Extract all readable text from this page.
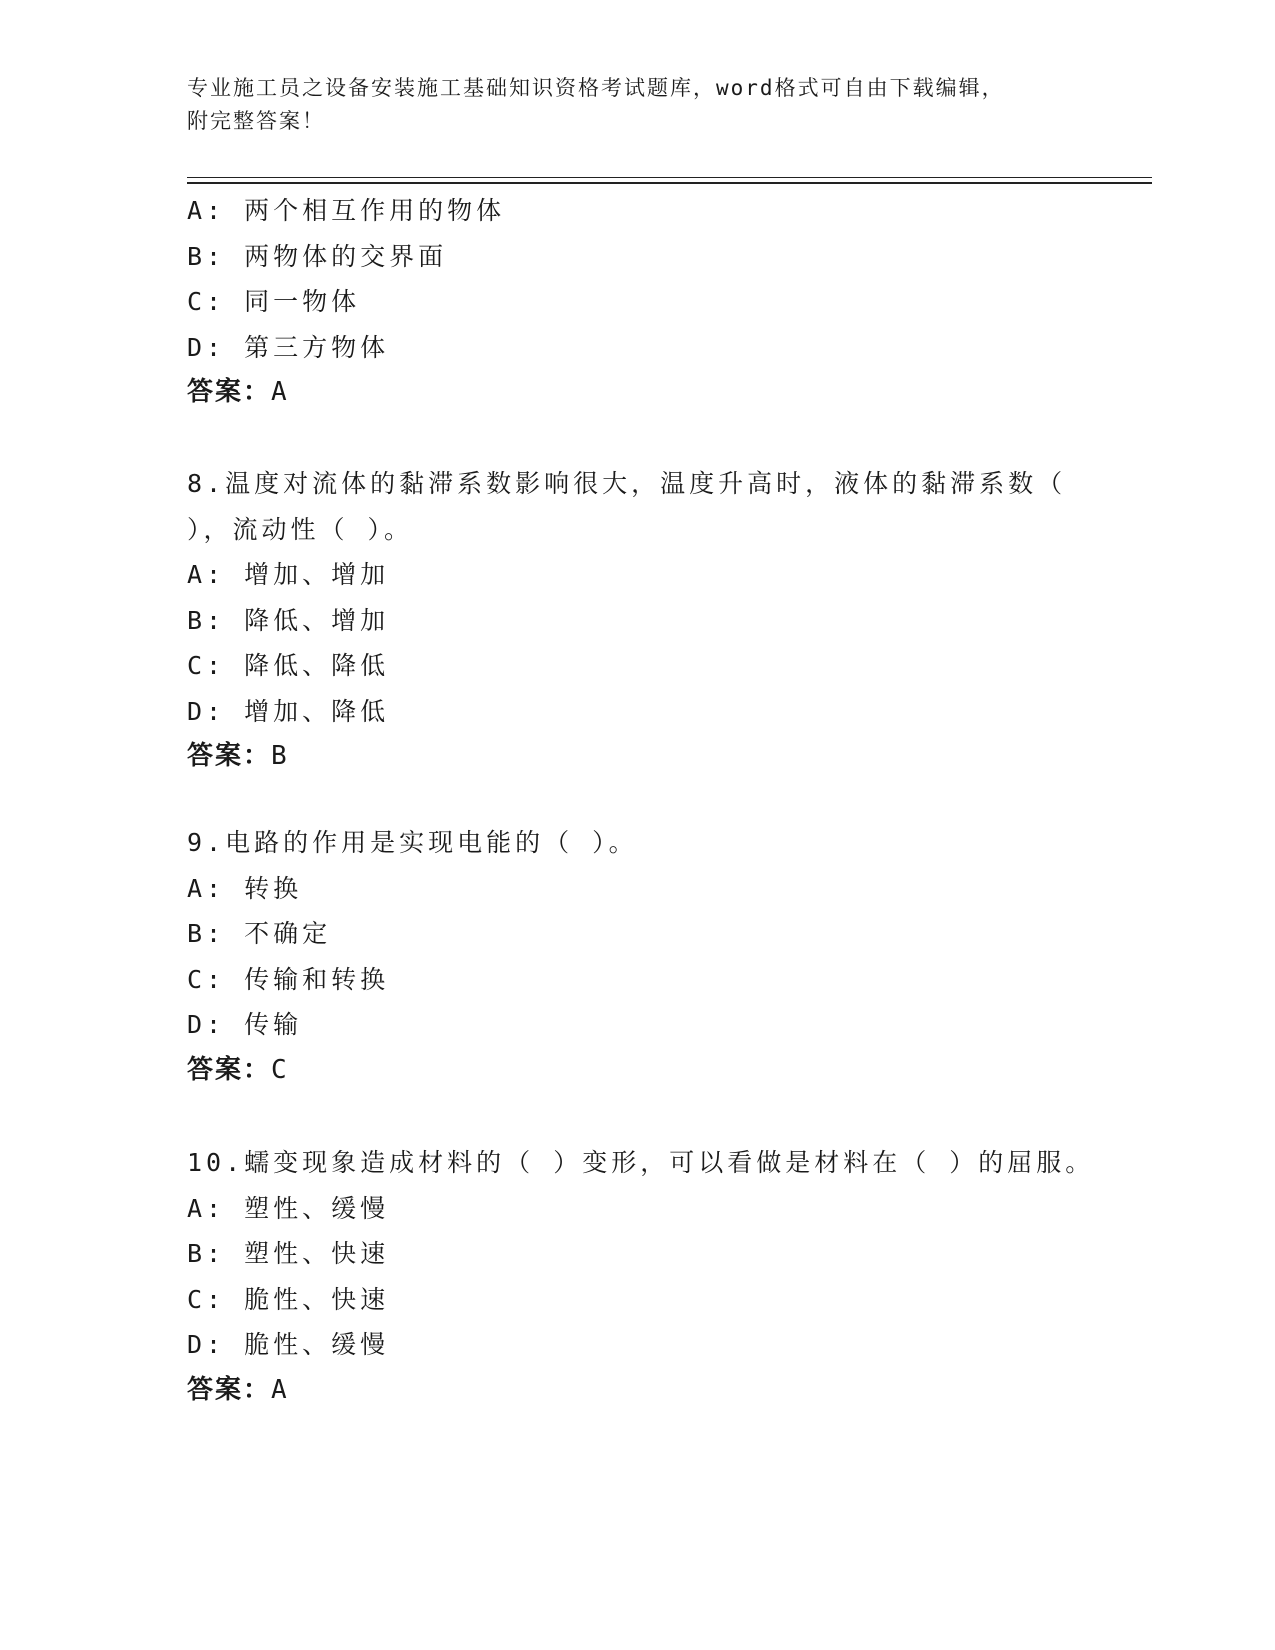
专业施工员之设备安装施工基础知识资格考试题库，word格式可自由下载编辑，
附完整答案！
A: 两个相互作用的物体
B: 两物体的交界面
C: 同一物体
D: 第三方物体
答案：A
8.温度对流体的黏滞系数影响很大，温度升高时，液体的黏滞系数（
），流动性（ ）。
A: 增加、增加
B: 降低、增加
C: 降低、降低
D: 增加、降低
答案：B
9.电路的作用是实现电能的（ ）。
A: 转换
B: 不确定
C: 传输和转换
D: 传输
答案：C
10.蠕变现象造成材料的（ ）变形，可以看做是材料在（ ）的屈服。
A: 塑性、缓慢
B: 塑性、快速
C: 脆性、快速
D: 脆性、缓慢
答案：A
